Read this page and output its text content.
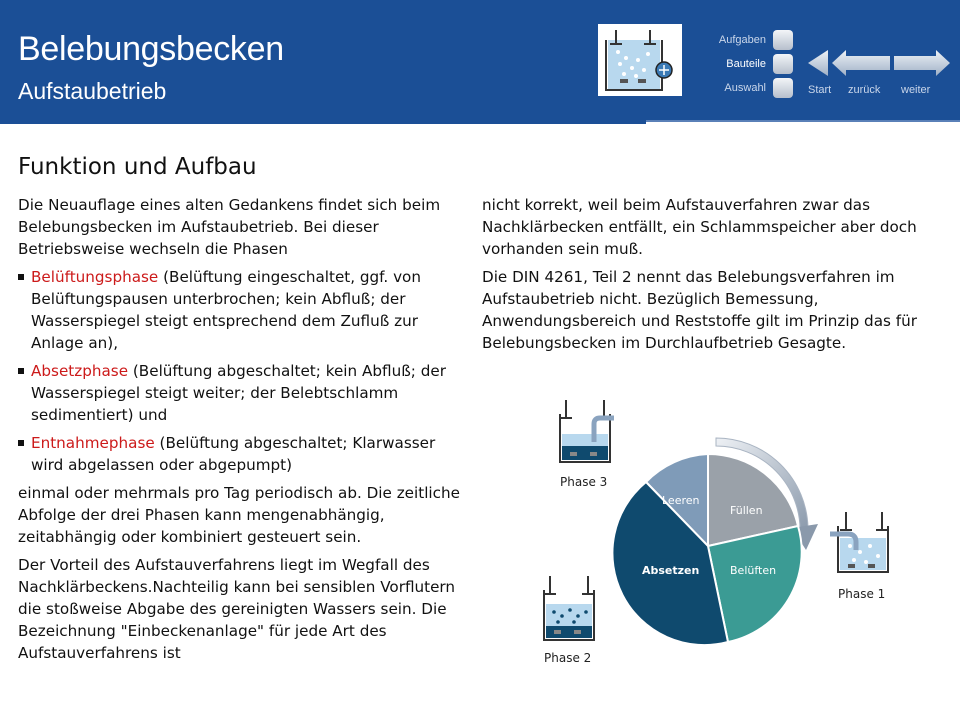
Belebungsbecken
Aufstaubetrieb
Aufgaben
Bauteile
Auswahl	Start zurück weiter
Funktion und Aufbau

Die Neuauflage eines alten Gedankens findet sich beim Belebungsbecken im Aufstaubetrieb. Bei dieser Betriebsweise wechseln die Phasen

Belüftungsphase (Belüftung eingeschaltet, ggf. von Belüftungspausen unterbrochen; kein Abfluß; der Wasserspiegel steigt entsprechend dem Zufluß zur Anlage an),

Absetzphase (Belüftung abgeschaltet; kein Abfluß; der Wasserspiegel steigt weiter; der Belebtschlamm sedimentiert) und

Entnahmephase (Belüftung abgeschaltet; Klarwasser wird abgelassen oder abgepumpt)

einmal oder mehrmals pro Tag periodisch ab. Die zeitliche Abfolge der drei Phasen kann mengenabhängig, zeitabhängig oder kombiniert gesteuert sein.

Der Vorteil des Aufstauverfahrens liegt im Wegfall des Nachklärbeckens.Nachteilig kann bei sensiblen Vorflutern die stoßweise Abgabe des gereinigten Wassers sein. Die Bezeichnung "Einbeckenanlage" für jede Art des Aufstauverfahrens ist

nicht korrekt, weil beim Aufstauverfahren zwar das Nachklärbecken entfällt, ein Schlammspeicher aber doch vorhanden sein muß.

Die DIN 4261, Teil 2 nennt das Belebungsverfahren im Aufstaubetrieb nicht. Bezüglich Bemessung, Anwendungsbereich und Reststoffe gilt im Prinzip das für Belebungsbecken im Durchlaufbetrieb Gesagte.

Leeren
Füllen
Belüften
Absetzen
Phase 3
Phase 1
Phase 2
